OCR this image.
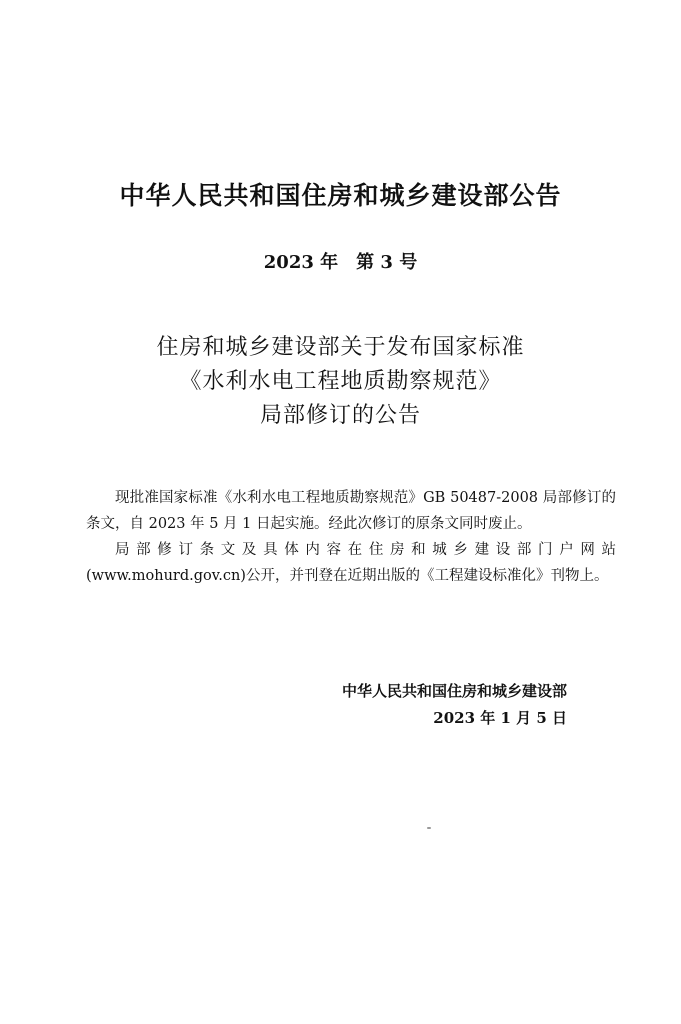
中华人民共和国住房和城乡建设部公告
2023 年　第 3 号
住房和城乡建设部关于发布国家标准
《水利水电工程地质勘察规范》
局部修订的公告

现批准国家标准《水利水电工程地质勘察规范》GB 50487-2008 局部修订的条文，自 2023 年 5 月 1 日起实施。经此次修订的原条文同时废止。

局部修订条文及具体内容在住房和城乡建设部门户网站(www.mohurd.gov.cn)公开，并刊登在近期出版的《工程建设标准化》刊物上。

中华人民共和国住房和城乡建设部
2023 年 1 月 5 日
